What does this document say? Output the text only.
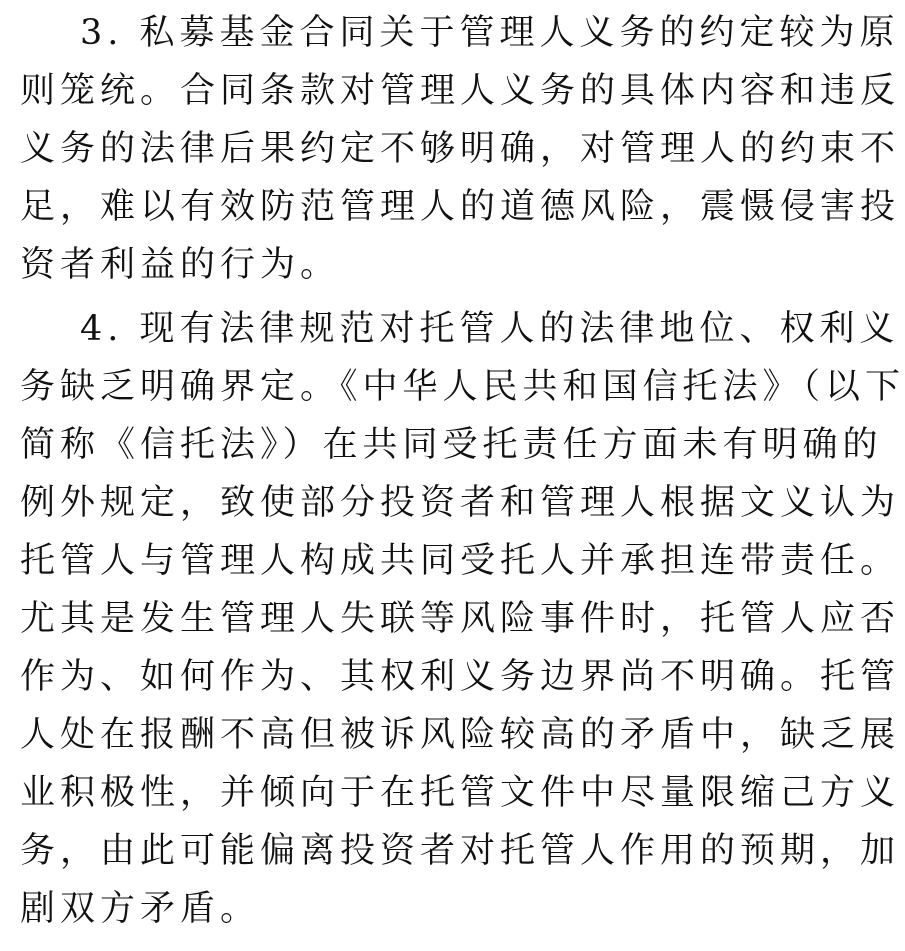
3. 私募基金合同关于管理人义务的约定较为原
则笼统。合同条款对管理人义务的具体内容和违反
义务的法律后果约定不够明确，对管理人的约束不
足，难以有效防范管理人的道德风险，震慑侵害投
资者利益的行为。
4. 现有法律规范对托管人的法律地位、权利义
务缺乏明确界定。《中华人民共和国信托法》（以下
简称《信托法》）在共同受托责任方面未有明确的
例外规定，致使部分投资者和管理人根据文义认为
托管人与管理人构成共同受托人并承担连带责任。
尤其是发生管理人失联等风险事件时，托管人应否
作为、如何作为、其权利义务边界尚不明确。托管
人处在报酬不高但被诉风险较高的矛盾中，缺乏展
业积极性，并倾向于在托管文件中尽量限缩己方义
务，由此可能偏离投资者对托管人作用的预期，加
剧双方矛盾。
